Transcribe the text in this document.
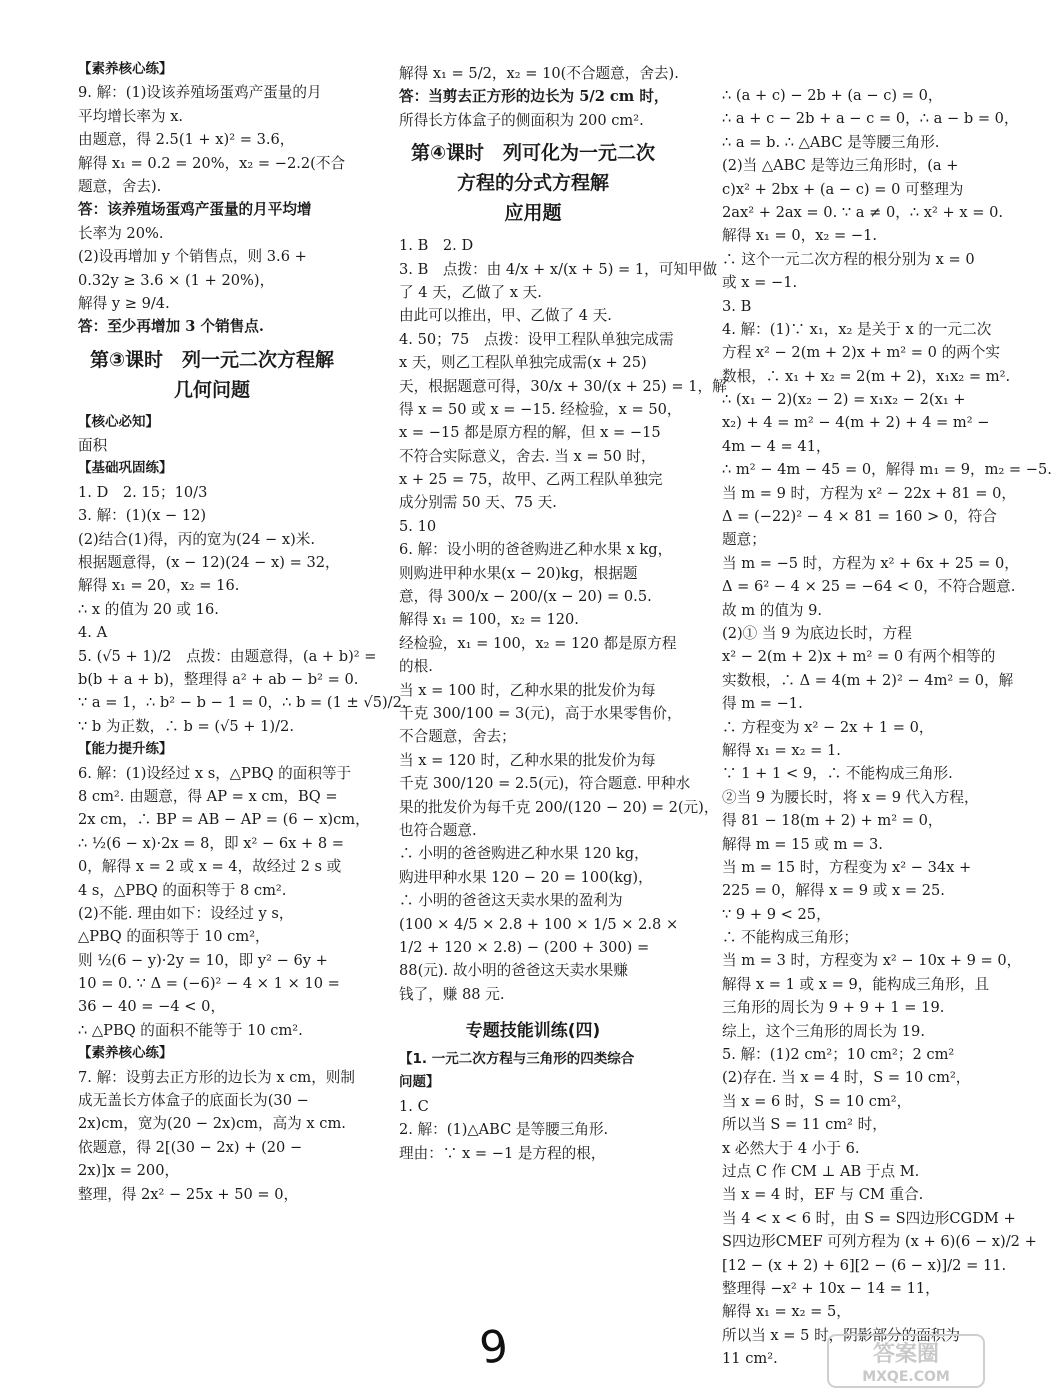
【素养核心练】
9. 解：(1)设该养殖场蛋鸡产蛋量的月
平均增长率为 x.
由题意，得 2.5(1 + x)² = 3.6，
解得 x₁ = 0.2 = 20%，x₂ = −2.2(不合
题意，舍去).
答：该养殖场蛋鸡产蛋量的月平均增
长率为 20%.
(2)设再增加 y 个销售点，则 3.6 +
0.32y ≥ 3.6 × (1 + 20%)，
解得 y ≥ 9/4.
答：至少再增加 3 个销售点.
第③课时　列一元二次方程解
几何问题
【核心必知】
面积
【基础巩固练】
1. D　2. 15；10/3
3. 解：(1)(x − 12)
(2)结合(1)得，丙的宽为(24 − x)米.
根据题意得，(x − 12)(24 − x) = 32，
解得 x₁ = 20，x₂ = 16.
∴ x 的值为 20 或 16.
4. A
5. (√5 + 1)/2　点拨：由题意得，(a + b)² =
b(b + a + b)，整理得 a² + ab − b² = 0.
∵ a = 1，∴ b² − b − 1 = 0，∴ b = (1 ± √5)/2.
∵ b 为正数，∴ b = (√5 + 1)/2.
【能力提升练】
6. 解：(1)设经过 x s，△PBQ 的面积等于
8 cm². 由题意，得 AP = x cm，BQ =
2x cm，∴ BP = AB − AP = (6 − x)cm，
∴ ½(6 − x)·2x = 8，即 x² − 6x + 8 =
0，解得 x = 2 或 x = 4，故经过 2 s 或
4 s，△PBQ 的面积等于 8 cm².
(2)不能. 理由如下：设经过 y s，
△PBQ 的面积等于 10 cm²，
则 ½(6 − y)·2y = 10，即 y² − 6y +
10 = 0. ∵ Δ = (−6)² − 4 × 1 × 10 =
36 − 40 = −4 < 0，
∴ △PBQ 的面积不能等于 10 cm².
【素养核心练】
7. 解：设剪去正方形的边长为 x cm，则制
成无盖长方体盒子的底面长为(30 −
2x)cm，宽为(20 − 2x)cm，高为 x cm.
依题意，得 2[(30 − 2x) + (20 −
2x)]x = 200，
整理，得 2x² − 25x + 50 = 0，
解得 x₁ = 5/2，x₂ = 10(不合题意，舍去).
答：当剪去正方形的边长为 5/2 cm 时，
所得长方体盒子的侧面积为 200 cm².
第④课时　列可化为一元二次
方程的分式方程解
应用题
1. B　2. D
3. B　点拨：由 4/x + x/(x + 5) = 1，可知甲做
了 4 天，乙做了 x 天.
由此可以推出，甲、乙做了 4 天.
4. 50；75　点拨：设甲工程队单独完成需
x 天，则乙工程队单独完成需(x + 25)
天，根据题意可得，30/x + 30/(x + 25) = 1，解
得 x = 50 或 x = −15. 经检验，x = 50，
x = −15 都是原方程的解，但 x = −15
不符合实际意义，舍去. 当 x = 50 时，
x + 25 = 75，故甲、乙两工程队单独完
成分别需 50 天、75 天.
5. 10
6. 解：设小明的爸爸购进乙种水果 x kg，
则购进甲种水果(x − 20)kg，根据题
意，得 300/x − 200/(x − 20) = 0.5.
解得 x₁ = 100，x₂ = 120.
经检验，x₁ = 100，x₂ = 120 都是原方程
的根.
当 x = 100 时，乙种水果的批发价为每
千克 300/100 = 3(元)，高于水果零售价，
不合题意，舍去；
当 x = 120 时，乙种水果的批发价为每
千克 300/120 = 2.5(元)，符合题意. 甲种水
果的批发价为每千克 200/(120 − 20) = 2(元)，
也符合题意.
∴ 小明的爸爸购进乙种水果 120 kg，
购进甲种水果 120 − 20 = 100(kg)，
∴ 小明的爸爸这天卖水果的盈利为
(100 × 4/5 × 2.8 + 100 × 1/5 × 2.8 ×
1/2 + 120 × 2.8) − (200 + 300) =
88(元). 故小明的爸爸这天卖水果赚
钱了，赚 88 元.
专题技能训练(四)
【1. 一元二次方程与三角形的四类综合
问题】
1. C
2. 解：(1)△ABC 是等腰三角形.
理由：∵ x = −1 是方程的根，
∴ (a + c) − 2b + (a − c) = 0，
∴ a + c − 2b + a − c = 0，∴ a − b = 0，
∴ a = b. ∴ △ABC 是等腰三角形.
(2)当 △ABC 是等边三角形时，(a +
c)x² + 2bx + (a − c) = 0 可整理为
2ax² + 2ax = 0. ∵ a ≠ 0，∴ x² + x = 0.
解得 x₁ = 0，x₂ = −1.
∴ 这个一元二次方程的根分别为 x = 0
或 x = −1.
3. B
4. 解：(1)∵ x₁，x₂ 是关于 x 的一元二次
方程 x² − 2(m + 2)x + m² = 0 的两个实
数根，∴ x₁ + x₂ = 2(m + 2)，x₁x₂ = m².
∴ (x₁ − 2)(x₂ − 2) = x₁x₂ − 2(x₁ +
x₂) + 4 = m² − 4(m + 2) + 4 = m² −
4m − 4 = 41，
∴ m² − 4m − 45 = 0，解得 m₁ = 9，m₂ = −5.
当 m = 9 时，方程为 x² − 22x + 81 = 0，
Δ = (−22)² − 4 × 81 = 160 > 0，符合
题意；
当 m = −5 时，方程为 x² + 6x + 25 = 0，
Δ = 6² − 4 × 25 = −64 < 0，不符合题意.
故 m 的值为 9.
(2)① 当 9 为底边长时，方程
x² − 2(m + 2)x + m² = 0 有两个相等的
实数根，∴ Δ = 4(m + 2)² − 4m² = 0，解
得 m = −1.
∴ 方程变为 x² − 2x + 1 = 0，
解得 x₁ = x₂ = 1.
∵ 1 + 1 < 9，∴ 不能构成三角形.
②当 9 为腰长时，将 x = 9 代入方程，
得 81 − 18(m + 2) + m² = 0，
解得 m = 15 或 m = 3.
当 m = 15 时，方程变为 x² − 34x +
225 = 0，解得 x = 9 或 x = 25.
∵ 9 + 9 < 25，
∴ 不能构成三角形；
当 m = 3 时，方程变为 x² − 10x + 9 = 0，
解得 x = 1 或 x = 9，能构成三角形，且
三角形的周长为 9 + 9 + 1 = 19.
综上，这个三角形的周长为 19.
5. 解：(1)2 cm²；10 cm²；2 cm²
(2)存在. 当 x = 4 时，S = 10 cm²，
当 x = 6 时，S = 10 cm²，
所以当 S = 11 cm² 时，
x 必然大于 4 小于 6.
过点 C 作 CM ⊥ AB 于点 M.
当 x = 4 时，EF 与 CM 重合.
当 4 < x < 6 时，由 S = S四边形CGDM +
S四边形CMEF 可列方程为 (x + 6)(6 − x)/2 +
[12 − (x + 2) + 6][2 − (6 − x)]/2 = 11.
整理得 −x² + 10x − 14 = 11，
解得 x₁ = x₂ = 5，
所以当 x = 5 时，阴影部分的面积为
11 cm².
9	答案圈
MXQE.COM
